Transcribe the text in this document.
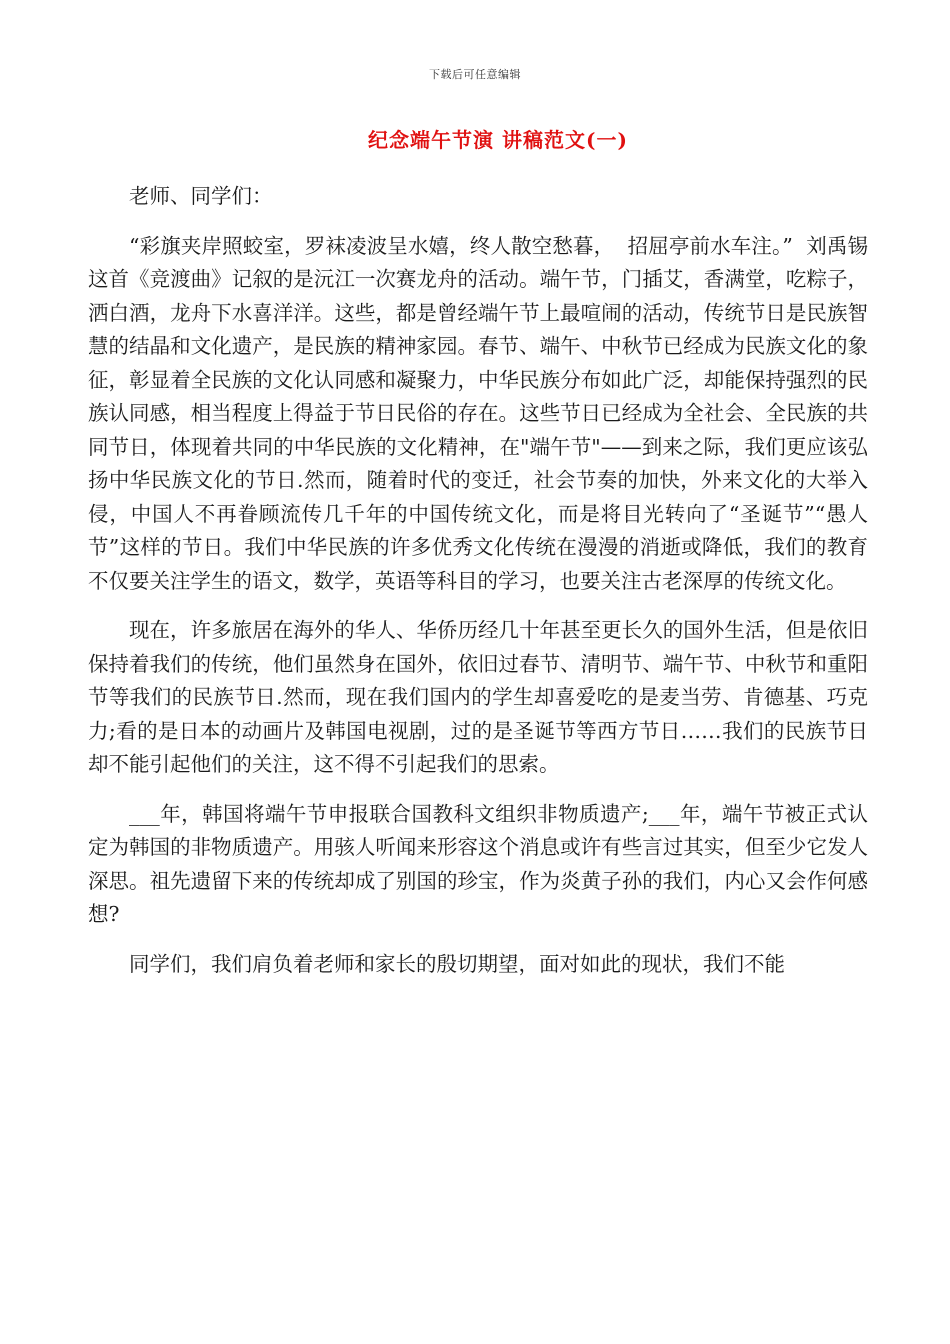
下载后可任意编辑
纪念端午节演 讲稿范文(一)

老师、同学们：

“彩旗夹岸照蛟室，罗袜凌波呈水嬉，终人散空愁暮，  招屈亭前水车注。”  刘禹锡这首《竞渡曲》记叙的是沅江一次赛龙舟的活动。端午节，门插艾，香满堂，吃粽子，洒白酒，龙舟下水喜洋洋。这些，都是曾经端午节上最喧闹的活动，传统节日是民族智慧的结晶和文化遗产，是民族的精神家园。春节、端午、中秋节已经成为民族文化的象征，彰显着全民族的文化认同感和凝聚力，中华民族分布如此广泛，却能保持强烈的民族认同感，相当程度上得益于节日民俗的存在。这些节日已经成为全社会、全民族的共同节日，体现着共同的中华民族的文化精神，在"端午节"——到来之际，我们更应该弘扬中华民族文化的节日.然而，随着时代的变迁，社会节奏的加快，外来文化的大举入侵，中国人不再眷顾流传几千年的中国传统文化，而是将目光转向了“圣诞节”“愚人节”这样的节日。我们中华民族的许多优秀文化传统在漫漫的消逝或降低，我们的教育不仅要关注学生的语文，数学，英语等科目的学习，也要关注古老深厚的传统文化。

现在，许多旅居在海外的华人、华侨历经几十年甚至更长久的国外生活，但是依旧保持着我们的传统，他们虽然身在国外，依旧过春节、清明节、端午节、中秋节和重阳节等我们的民族节日.然而，现在我们国内的学生却喜爱吃的是麦当劳、肯德基、巧克力;看的是日本的动画片及韩国电视剧，过的是圣诞节等西方节日……我们的民族节日却不能引起他们的关注，这不得不引起我们的思索。

___年，韩国将端午节申报联合国教科文组织非物质遗产;___年，端午节被正式认定为韩国的非物质遗产。用骇人听闻来形容这个消息或许有些言过其实，但至少它发人深思。祖先遗留下来的传统却成了别国的珍宝，作为炎黄子孙的我们，内心又会作何感想?

同学们，我们肩负着老师和家长的殷切期望，面对如此的现状，我们不能
